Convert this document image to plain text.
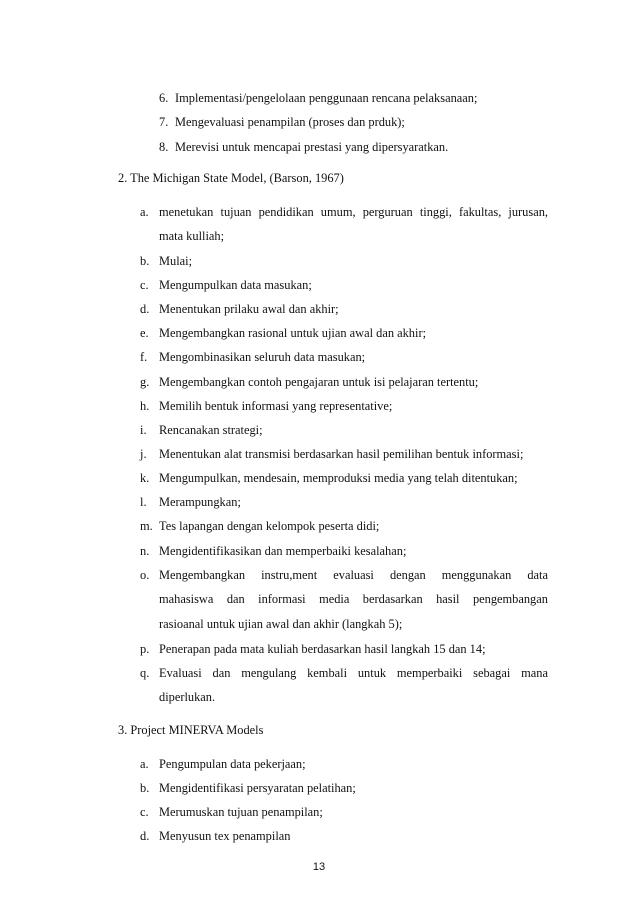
6. Implementasi/pengelolaan penggunaan rencana pelaksanaan;
7. Mengevaluasi penampilan (proses dan prduk);
8. Merevisi untuk mencapai prestasi yang dipersyaratkan.
2. The Michigan State Model, (Barson, 1967)
a. menetukan tujuan pendidikan umum, perguruan tinggi, fakultas, jurusan,
mata kulliah;
b. Mulai;
c. Mengumpulkan data masukan;
d. Menentukan prilaku awal dan akhir;
e. Mengembangkan rasional untuk ujian awal dan akhir;
f. Mengombinasikan seluruh data masukan;
g. Mengembangkan contoh pengajaran untuk isi pelajaran tertentu;
h. Memilih bentuk informasi yang representative;
i. Rencanakan strategi;
j. Menentukan alat transmisi berdasarkan hasil pemilihan bentuk informasi;
k. Mengumpulkan, mendesain, memproduksi media yang telah ditentukan;
l. Merampungkan;
m. Tes lapangan dengan kelompok peserta didi;
n. Mengidentifikasikan dan memperbaiki kesalahan;
o. Mengembangkan instru,ment evaluasi dengan menggunakan data
mahasiswa dan informasi media berdasarkan hasil pengembangan
rasioanal untuk ujian awal dan akhir (langkah 5);
p. Penerapan pada mata kuliah berdasarkan hasil langkah 15 dan 14;
q. Evaluasi dan mengulang kembali untuk memperbaiki sebagai mana
diperlukan.
3. Project MINERVA Models
a. Pengumpulan data pekerjaan;
b. Mengidentifikasi persyaratan pelatihan;
c. Merumuskan tujuan penampilan;
d. Menyusun tex penampilan
13
